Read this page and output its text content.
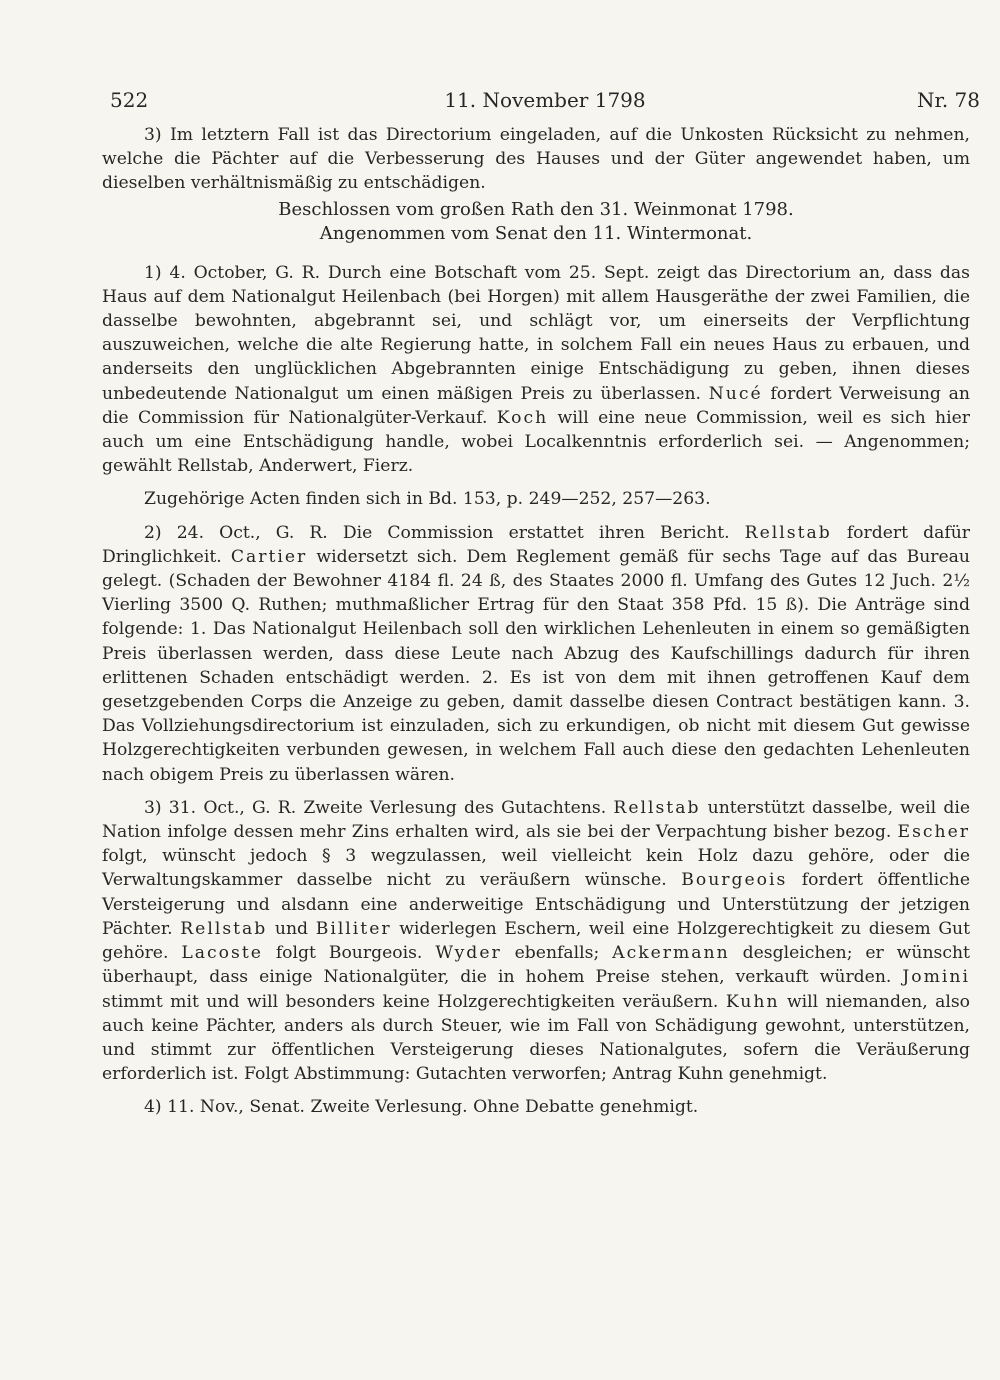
522	11. November 1798	Nr. 78

3) Im letztern Fall ist das Directorium eingeladen, auf die Unkosten Rücksicht zu nehmen, welche die Pächter auf die Verbesserung des Hauses und der Güter angewendet haben, um dieselben verhältnismäßig zu entschädigen.

Beschlossen vom großen Rath den 31. Weinmonat 1798.

Angenommen vom Senat den 11. Wintermonat.

1) 4. October, G. R. Durch eine Botschaft vom 25. Sept. zeigt das Directorium an, dass das Haus auf dem Nationalgut Heilenbach (bei Horgen) mit allem Hausgeräthe der zwei Familien, die dasselbe bewohnten, abgebrannt sei, und schlägt vor, um einerseits der Verpflichtung auszuweichen, welche die alte Regierung hatte, in solchem Fall ein neues Haus zu erbauen, und anderseits den unglücklichen Abgebrannten einige Entschädigung zu geben, ihnen dieses unbedeutende Nationalgut um einen mäßigen Preis zu überlassen. Nucé fordert Verweisung an die Commission für Nationalgüter-Verkauf. Koch will eine neue Commission, weil es sich hier auch um eine Entschädigung handle, wobei Localkenntnis erforderlich sei. — Angenommen; gewählt Rellstab, Anderwert, Fierz.

Zugehörige Acten finden sich in Bd. 153, p. 249—252, 257—263.

2) 24. Oct., G. R. Die Commission erstattet ihren Bericht. Rellstab fordert dafür Dringlichkeit. Cartier widersetzt sich. Dem Reglement gemäß für sechs Tage auf das Bureau gelegt. (Schaden der Bewohner 4184 fl. 24 ß, des Staates 2000 fl. Umfang des Gutes 12 Juch. 2½ Vierling 3500 Q. Ruthen; muthmaßlicher Ertrag für den Staat 358 Pfd. 15 ß). Die Anträge sind folgende: 1. Das Nationalgut Heilenbach soll den wirklichen Lehenleuten in einem so gemäßigten Preis überlassen werden, dass diese Leute nach Abzug des Kaufschillings dadurch für ihren erlittenen Schaden entschädigt werden. 2. Es ist von dem mit ihnen getroffenen Kauf dem gesetzgebenden Corps die Anzeige zu geben, damit dasselbe diesen Contract bestätigen kann. 3. Das Vollziehungsdirectorium ist einzuladen, sich zu erkundigen, ob nicht mit diesem Gut gewisse Holzgerechtigkeiten verbunden gewesen, in welchem Fall auch diese den gedachten Lehenleuten nach obigem Preis zu überlassen wären.

3) 31. Oct., G. R. Zweite Verlesung des Gutachtens. Rellstab unterstützt dasselbe, weil die Nation infolge dessen mehr Zins erhalten wird, als sie bei der Verpachtung bisher bezog. Escher folgt, wünscht jedoch § 3 wegzulassen, weil vielleicht kein Holz dazu gehöre, oder die Verwaltungskammer dasselbe nicht zu veräußern wünsche. Bourgeois fordert öffentliche Versteigerung und alsdann eine anderweitige Entschädigung und Unterstützung der jetzigen Pächter. Rellstab und Billiter widerlegen Eschern, weil eine Holzgerechtigkeit zu diesem Gut gehöre. Lacoste folgt Bourgeois. Wyder ebenfalls; Ackermann desgleichen; er wünscht überhaupt, dass einige Nationalgüter, die in hohem Preise stehen, verkauft würden. Jomini stimmt mit und will besonders keine Holzgerechtigkeiten veräußern. Kuhn will niemanden, also auch keine Pächter, anders als durch Steuer, wie im Fall von Schädigung gewohnt, unterstützen, und stimmt zur öffentlichen Versteigerung dieses Nationalgutes, sofern die Veräußerung erforderlich ist. Folgt Abstimmung: Gutachten verworfen; Antrag Kuhn genehmigt.

4) 11. Nov., Senat. Zweite Verlesung. Ohne Debatte genehmigt.
